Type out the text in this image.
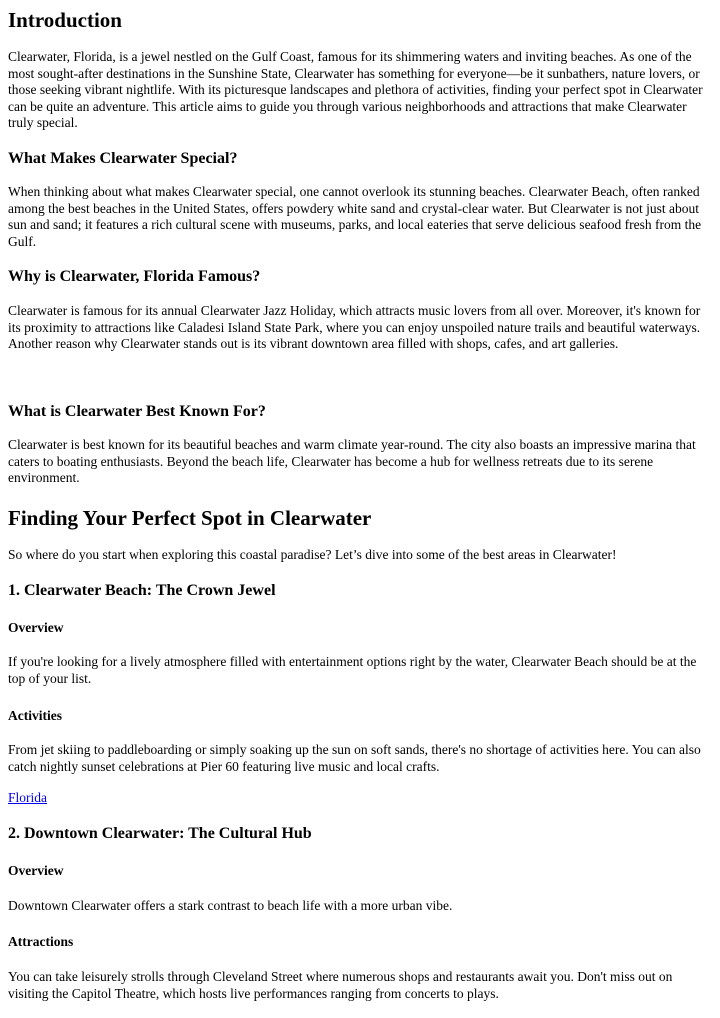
Introduction

Clearwater, Florida, is a jewel nestled on the Gulf Coast, famous for its shimmering waters and inviting beaches. As one of the most sought-after destinations in the Sunshine State, Clearwater has something for everyone—be it sunbathers, nature lovers, or those seeking vibrant nightlife. With its picturesque landscapes and plethora of activities, finding your perfect spot in Clearwater can be quite an adventure. This article aims to guide you through various neighborhoods and attractions that make Clearwater truly special.

What Makes Clearwater Special?

When thinking about what makes Clearwater special, one cannot overlook its stunning beaches. Clearwater Beach, often ranked among the best beaches in the United States, offers powdery white sand and crystal-clear water. But Clearwater is not just about sun and sand; it features a rich cultural scene with museums, parks, and local eateries that serve delicious seafood fresh from the Gulf.

Why is Clearwater, Florida Famous?

Clearwater is famous for its annual Clearwater Jazz Holiday, which attracts music lovers from all over. Moreover, it's known for its proximity to attractions like Caladesi Island State Park, where you can enjoy unspoiled nature trails and beautiful waterways. Another reason why Clearwater stands out is its vibrant downtown area filled with shops, cafes, and art galleries.

What is Clearwater Best Known For?

Clearwater is best known for its beautiful beaches and warm climate year-round. The city also boasts an impressive marina that caters to boating enthusiasts. Beyond the beach life, Clearwater has become a hub for wellness retreats due to its serene environment.

Finding Your Perfect Spot in Clearwater

So where do you start when exploring this coastal paradise? Let’s dive into some of the best areas in Clearwater!

1. Clearwater Beach: The Crown Jewel
Overview

If you're looking for a lively atmosphere filled with entertainment options right by the water, Clearwater Beach should be at the top of your list.

Activities

From jet skiing to paddleboarding or simply soaking up the sun on soft sands, there's no shortage of activities here. You can also catch nightly sunset celebrations at Pier 60 featuring live music and local crafts.

Florida
2. Downtown Clearwater: The Cultural Hub
Overview

Downtown Clearwater offers a stark contrast to beach life with a more urban vibe.

Attractions

You can take leisurely strolls through Cleveland Street where numerous shops and restaurants await you. Don't miss out on visiting the Capitol Theatre, which hosts live performances ranging from concerts to plays.
